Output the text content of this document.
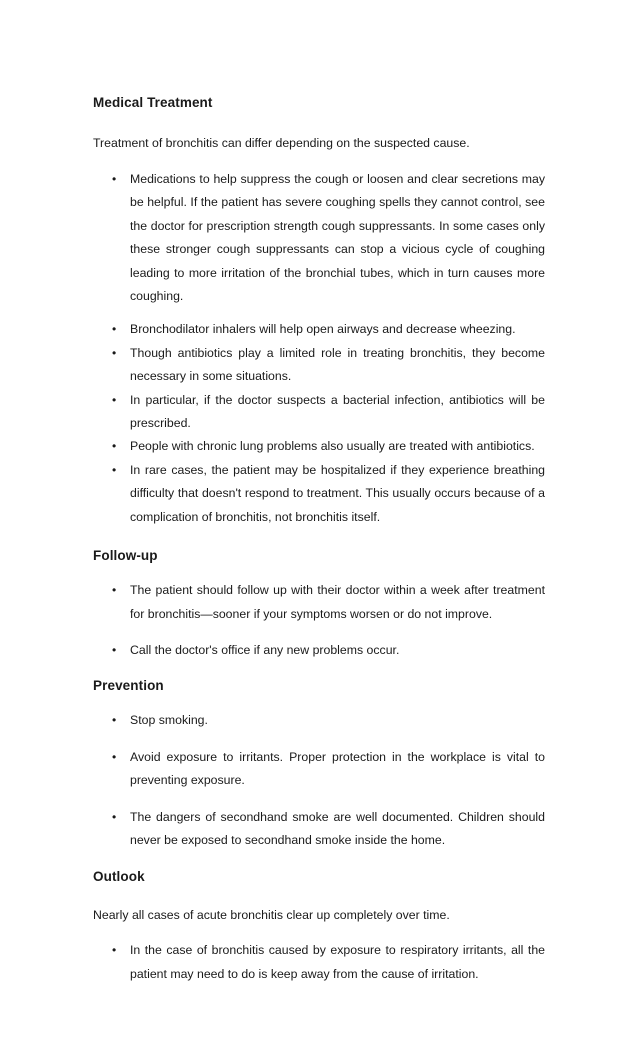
Medical Treatment

Treatment of bronchitis can differ depending on the suspected cause.

• Medications to help suppress the cough or loosen and clear secretions may be helpful. If the patient has severe coughing spells they cannot control, see the doctor for prescription strength cough suppressants. In some cases only these stronger cough suppressants can stop a vicious cycle of coughing leading to more irritation of the bronchial tubes, which in turn causes more coughing.
• Bronchodilator inhalers will help open airways and decrease wheezing.
• Though antibiotics play a limited role in treating bronchitis, they become necessary in some situations.
• In particular, if the doctor suspects a bacterial infection, antibiotics will be prescribed.
• People with chronic lung problems also usually are treated with antibiotics.
• In rare cases, the patient may be hospitalized if they experience breathing difficulty that doesn't respond to treatment. This usually occurs because of a complication of bronchitis, not bronchitis itself.
Follow-up
• The patient should follow up with their doctor within a week after treatment for bronchitis—sooner if your symptoms worsen or do not improve.
• Call the doctor's office if any new problems occur.
Prevention
• Stop smoking.
• Avoid exposure to irritants. Proper protection in the workplace is vital to preventing exposure.
• The dangers of secondhand smoke are well documented. Children should never be exposed to secondhand smoke inside the home.
Outlook

Nearly all cases of acute bronchitis clear up completely over time.

• In the case of bronchitis caused by exposure to respiratory irritants, all the patient may need to do is keep away from the cause of irritation.
